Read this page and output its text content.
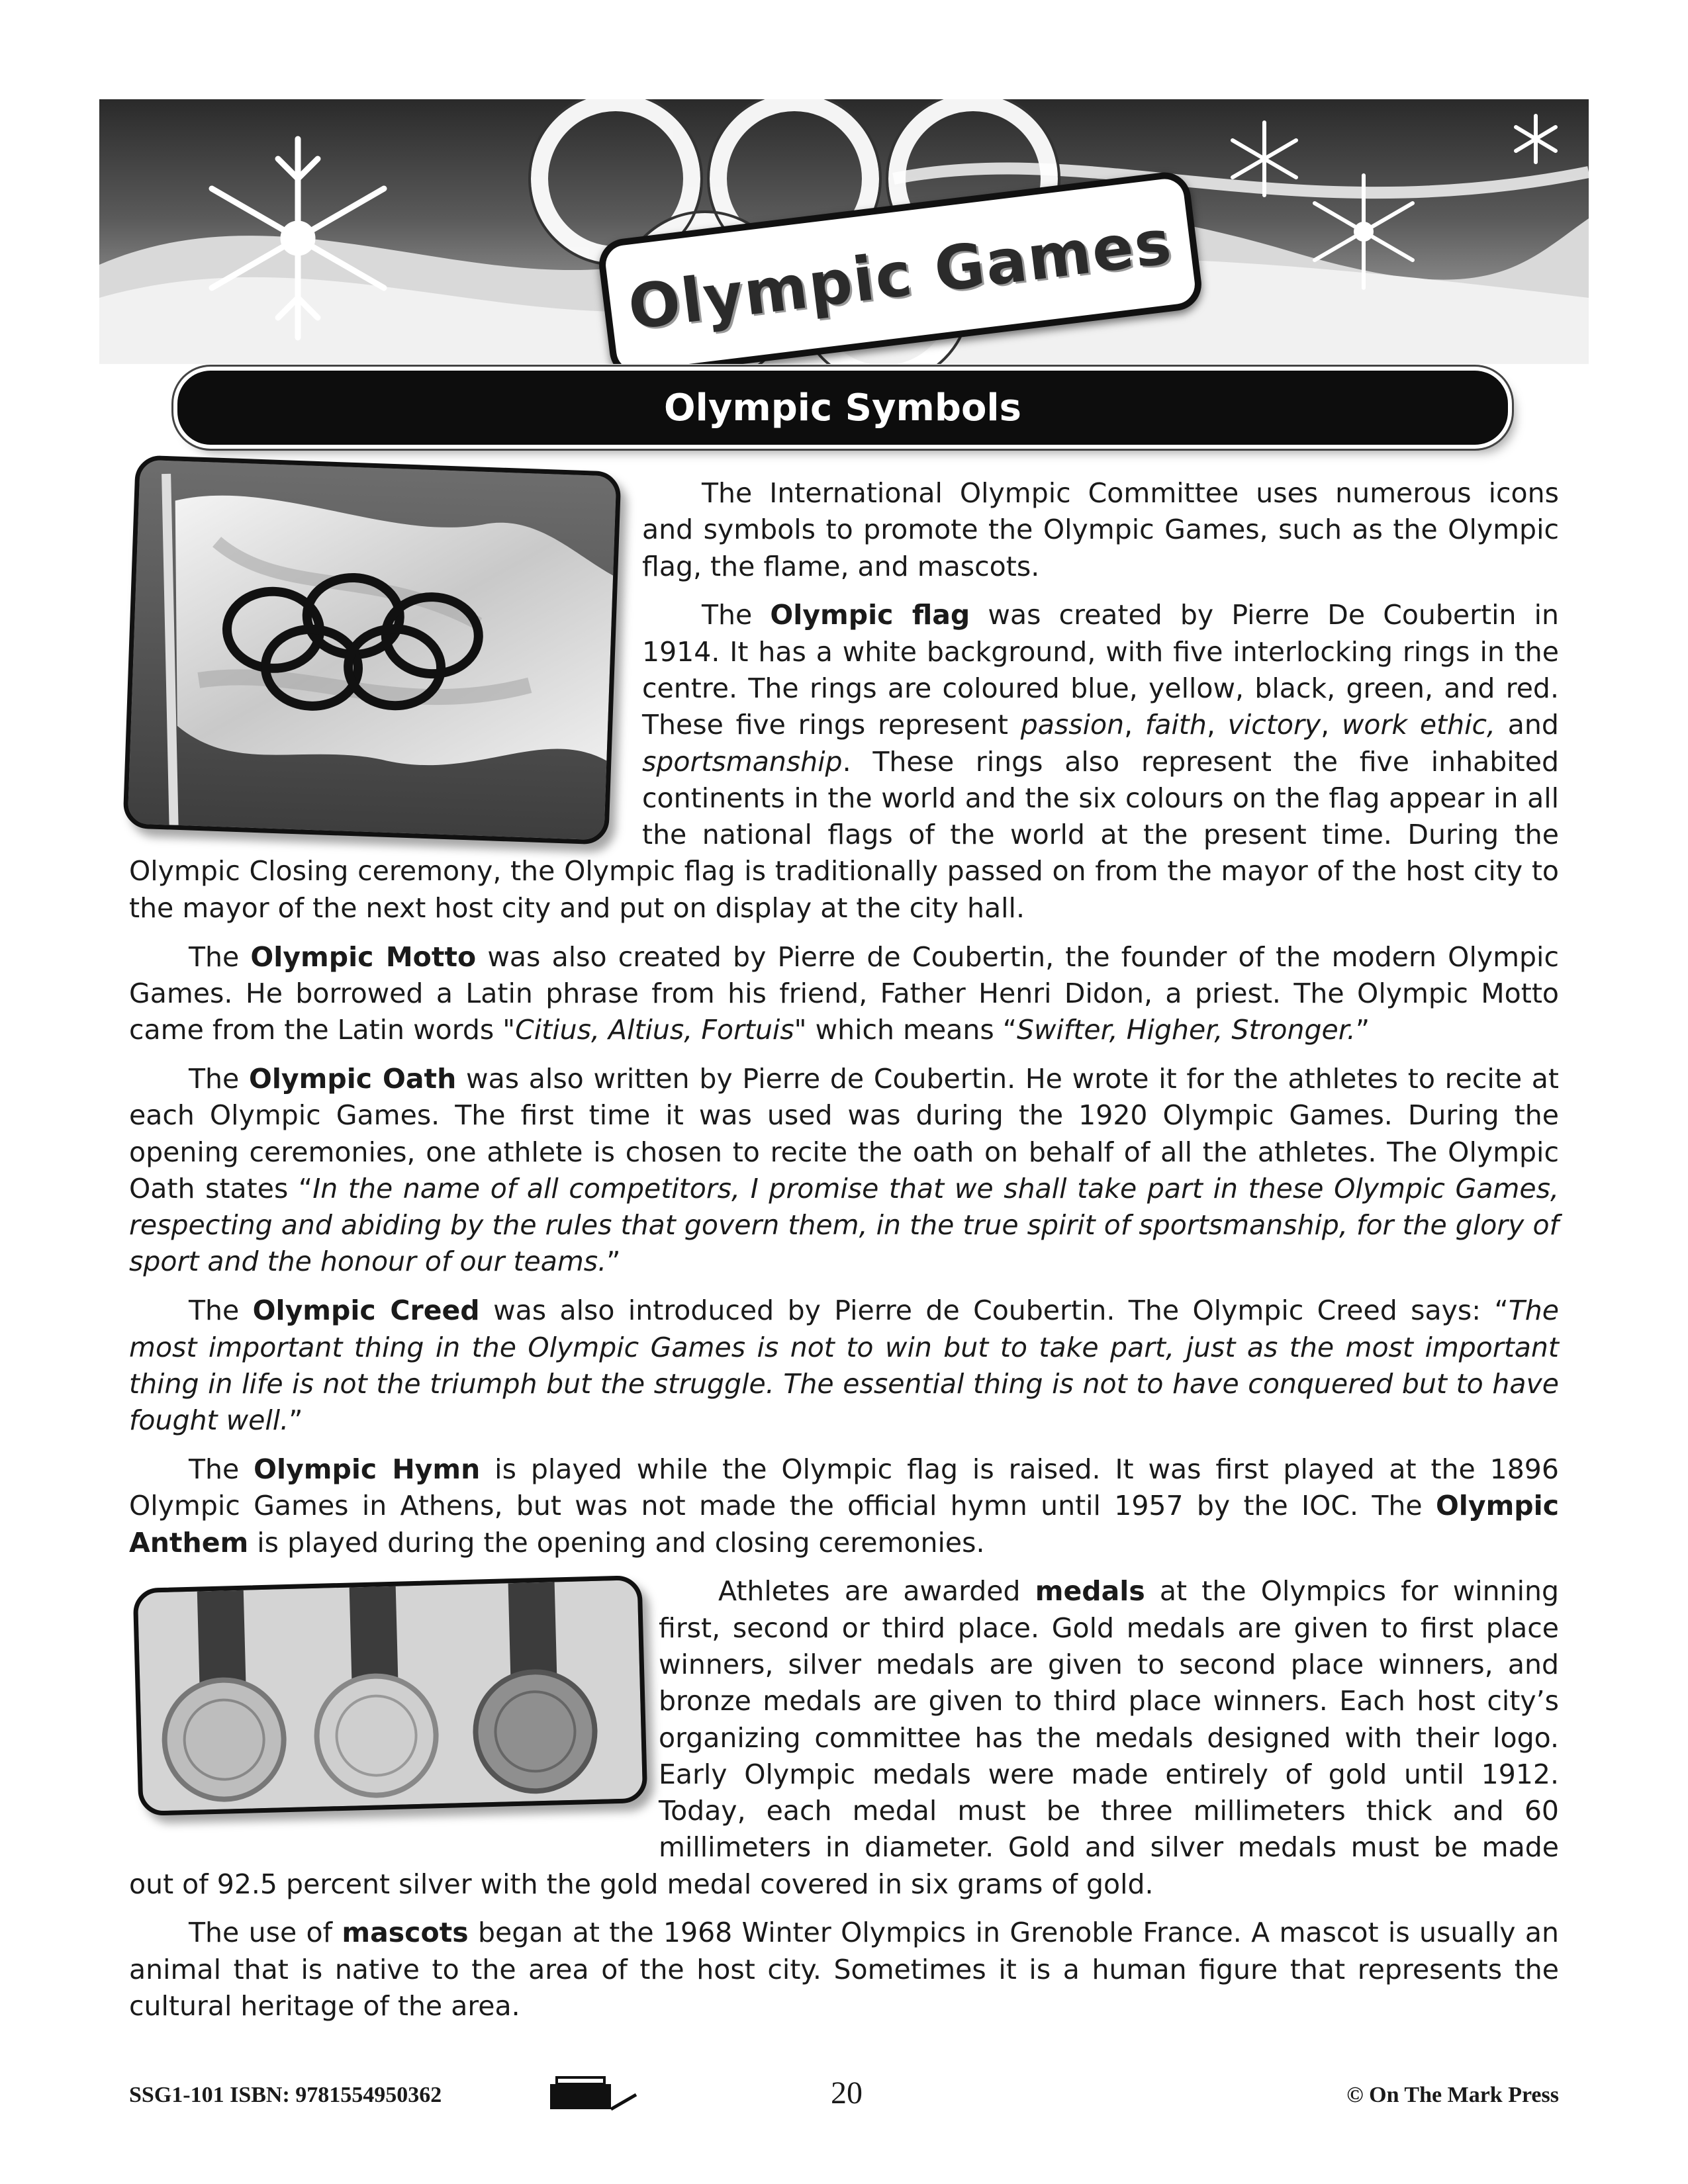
Olympic Games
Olympic Symbols

The International Olympic Committee uses numerous icons and symbols to promote the Olympic Games, such as the Olympic flag, the flame, and mascots.

The Olympic flag was created by Pierre De Coubertin in 1914. It has a white background, with five interlocking rings in the centre. The rings are coloured blue, yellow, black, green, and red. These five rings represent passion, faith, victory, work ethic, and sportsmanship. These rings also represent the five inhabited continents in the world and the six colours on the flag appear in all the national flags of the world at the present time. During the Olympic Closing ceremony, the Olympic flag is traditionally passed on from the mayor of the host city to the mayor of the next host city and put on display at the city hall.

The Olympic Motto was also created by Pierre de Coubertin, the founder of the modern Olympic Games. He borrowed a Latin phrase from his friend, Father Henri Didon, a priest. The Olympic Motto came from the Latin words "Citius, Altius, Fortuis" which means “Swifter, Higher, Stronger.”

The Olympic Oath was also written by Pierre de Coubertin. He wrote it for the athletes to recite at each Olympic Games. The first time it was used was during the 1920 Olympic Games. During the opening ceremonies, one athlete is chosen to recite the oath on behalf of all the athletes. The Olympic Oath states “In the name of all competitors, I promise that we shall take part in these Olympic Games, respecting and abiding by the rules that govern them, in the true spirit of sportsmanship, for the glory of sport and the honour of our teams.”

The Olympic Creed was also introduced by Pierre de Coubertin. The Olympic Creed says: “The most important thing in the Olympic Games is not to win but to take part, just as the most important thing in life is not the triumph but the struggle. The essential thing is not to have conquered but to have fought well.”

The Olympic Hymn is played while the Olympic flag is raised. It was first played at the 1896 Olympic Games in Athens, but was not made the official hymn until 1957 by the IOC. The Olympic Anthem is played during the opening and closing ceremonies.

Athletes are awarded medals at the Olympics for winning first, second or third place. Gold medals are given to first place winners, silver medals are given to second place winners, and bronze medals are given to third place winners. Each host city’s organizing committee has the medals designed with their logo. Early Olympic medals were made entirely of gold until 1912. Today, each medal must be three millimeters thick and 60 millimeters in diameter. Gold and silver medals must be made out of 92.5 percent silver with the gold medal covered in six grams of gold.

The use of mascots began at the 1968 Winter Olympics in Grenoble France. A mascot is usually an animal that is native to the area of the host city. Sometimes it is a human figure that represents the cultural heritage of the area.

SSG1-101 ISBN: 9781554950362	20	© On The Mark Press
